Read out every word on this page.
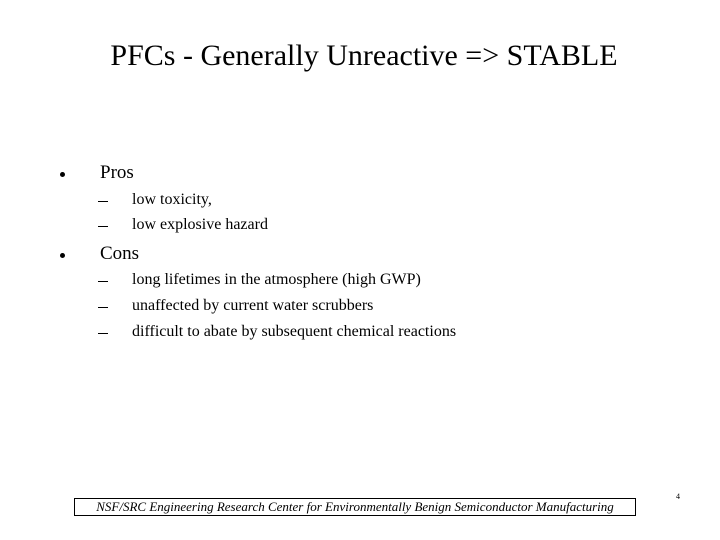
PFCs - Generally Unreactive => STABLE
Pros
low toxicity,
low explosive hazard
Cons
long lifetimes in the atmosphere (high GWP)
unaffected by current water scrubbers
difficult to abate by subsequent chemical reactions
NSF/SRC Engineering Research Center for Environmentally Benign Semiconductor Manufacturing
4
